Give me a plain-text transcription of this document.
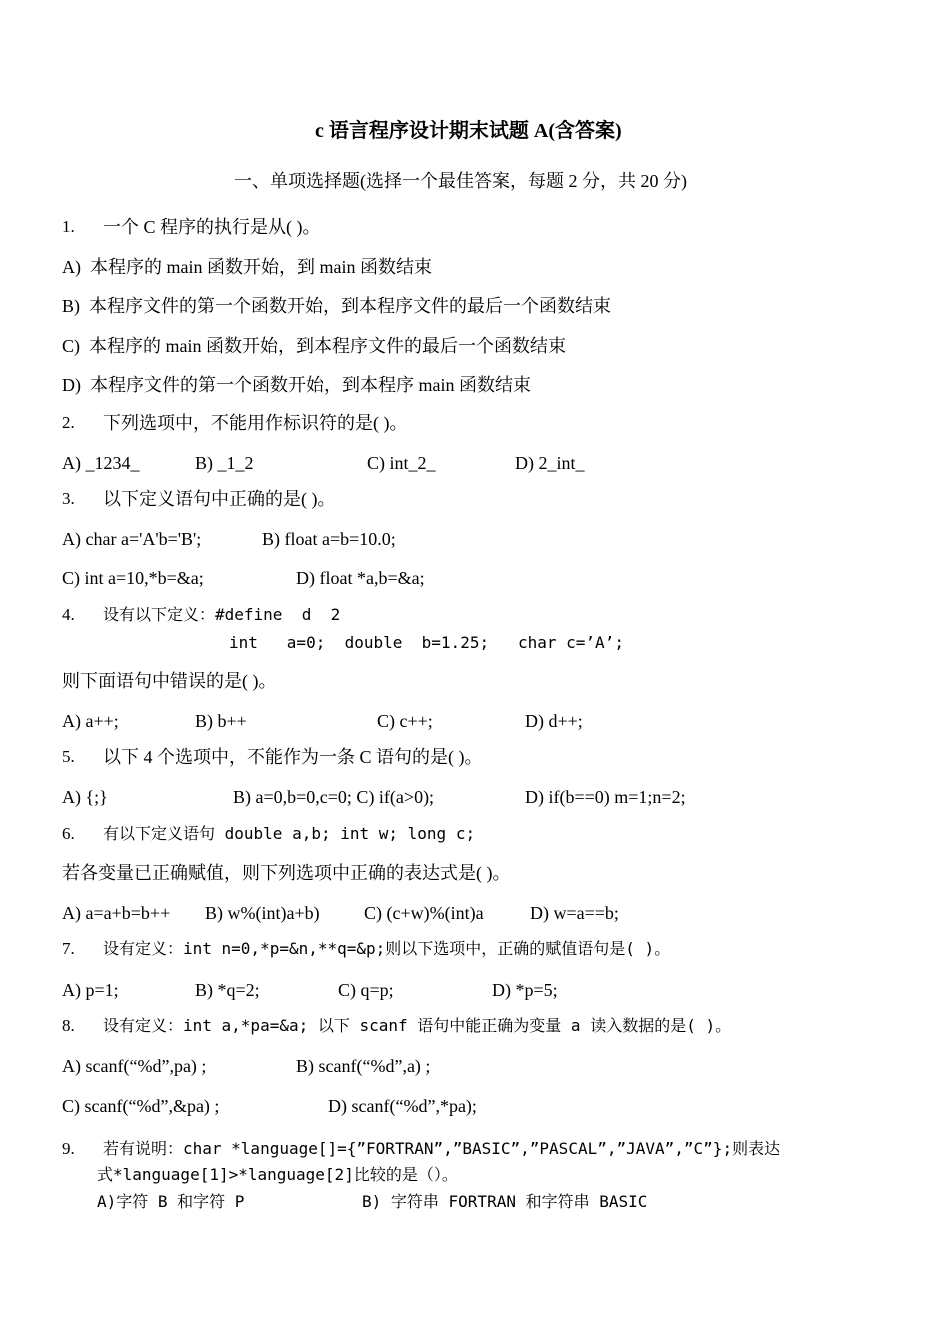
c 语言程序设计期末试题 A(含答案)
一、单项选择题(选择一个最佳答案，每题 2 分，共 20 分)
1. 一个 C 程序的执行是从( )。
A)  本程序的 main 函数开始，到 main 函数结束
B)  本程序文件的第一个函数开始，到本程序文件的最后一个函数结束
C)  本程序的 main 函数开始，到本程序文件的最后一个函数结束
D)  本程序文件的第一个函数开始，到本程序 main 函数结束
2. 下列选项中，不能用作标识符的是( )。
A) _1234_	B) _1_2	C) int_2_	D) 2_int_
3. 以下定义语句中正确的是( )。
A) char a='A'b='B';	B) float a=b=10.0;
C) int a=10,*b=&a;	D) float *a,b=&a;
4. 设有以下定义：#define  d  2
int   a=0;  double  b=1.25;   char c=’A’;
则下面语句中错误的是( )。
A) a++;	B) b++	C) c++;	D) d++;
5. 以下 4 个选项中，不能作为一条 C 语句的是( )。
A) {;}	B) a=0,b=0,c=0; C) if(a>0);	D) if(b==0) m=1;n=2;
6. 有以下定义语句 double a,b; int w; long c;
若各变量已正确赋值，则下列选项中正确的表达式是( )。
A) a=a+b=b++ B) w%(int)a+b) C) (c+w)%(int)a	D) w=a==b;
7. 设有定义：int n=0,*p=&n,**q=&p;则以下选项中，正确的赋值语句是( )。
A) p=1;	B) *q=2;	C) q=p;	D) *p=5;
8. 设有定义：int a,*pa=&a; 以下 scanf 语句中能正确为变量 a 读入数据的是( )。
A) scanf(“%d”,pa) ;	B) scanf(“%d”,a) ;
C) scanf(“%d”,&pa) ;	D) scanf(“%d”,*pa);
9. 若有说明：char *language[]={”FORTRAN”,”BASIC”,”PASCAL”,”JAVA”,”C”};则表达
式*language[1]>*language[2]比较的是（）。
A)字符 B 和字符 P	B) 字符串 FORTRAN 和字符串 BASIC
